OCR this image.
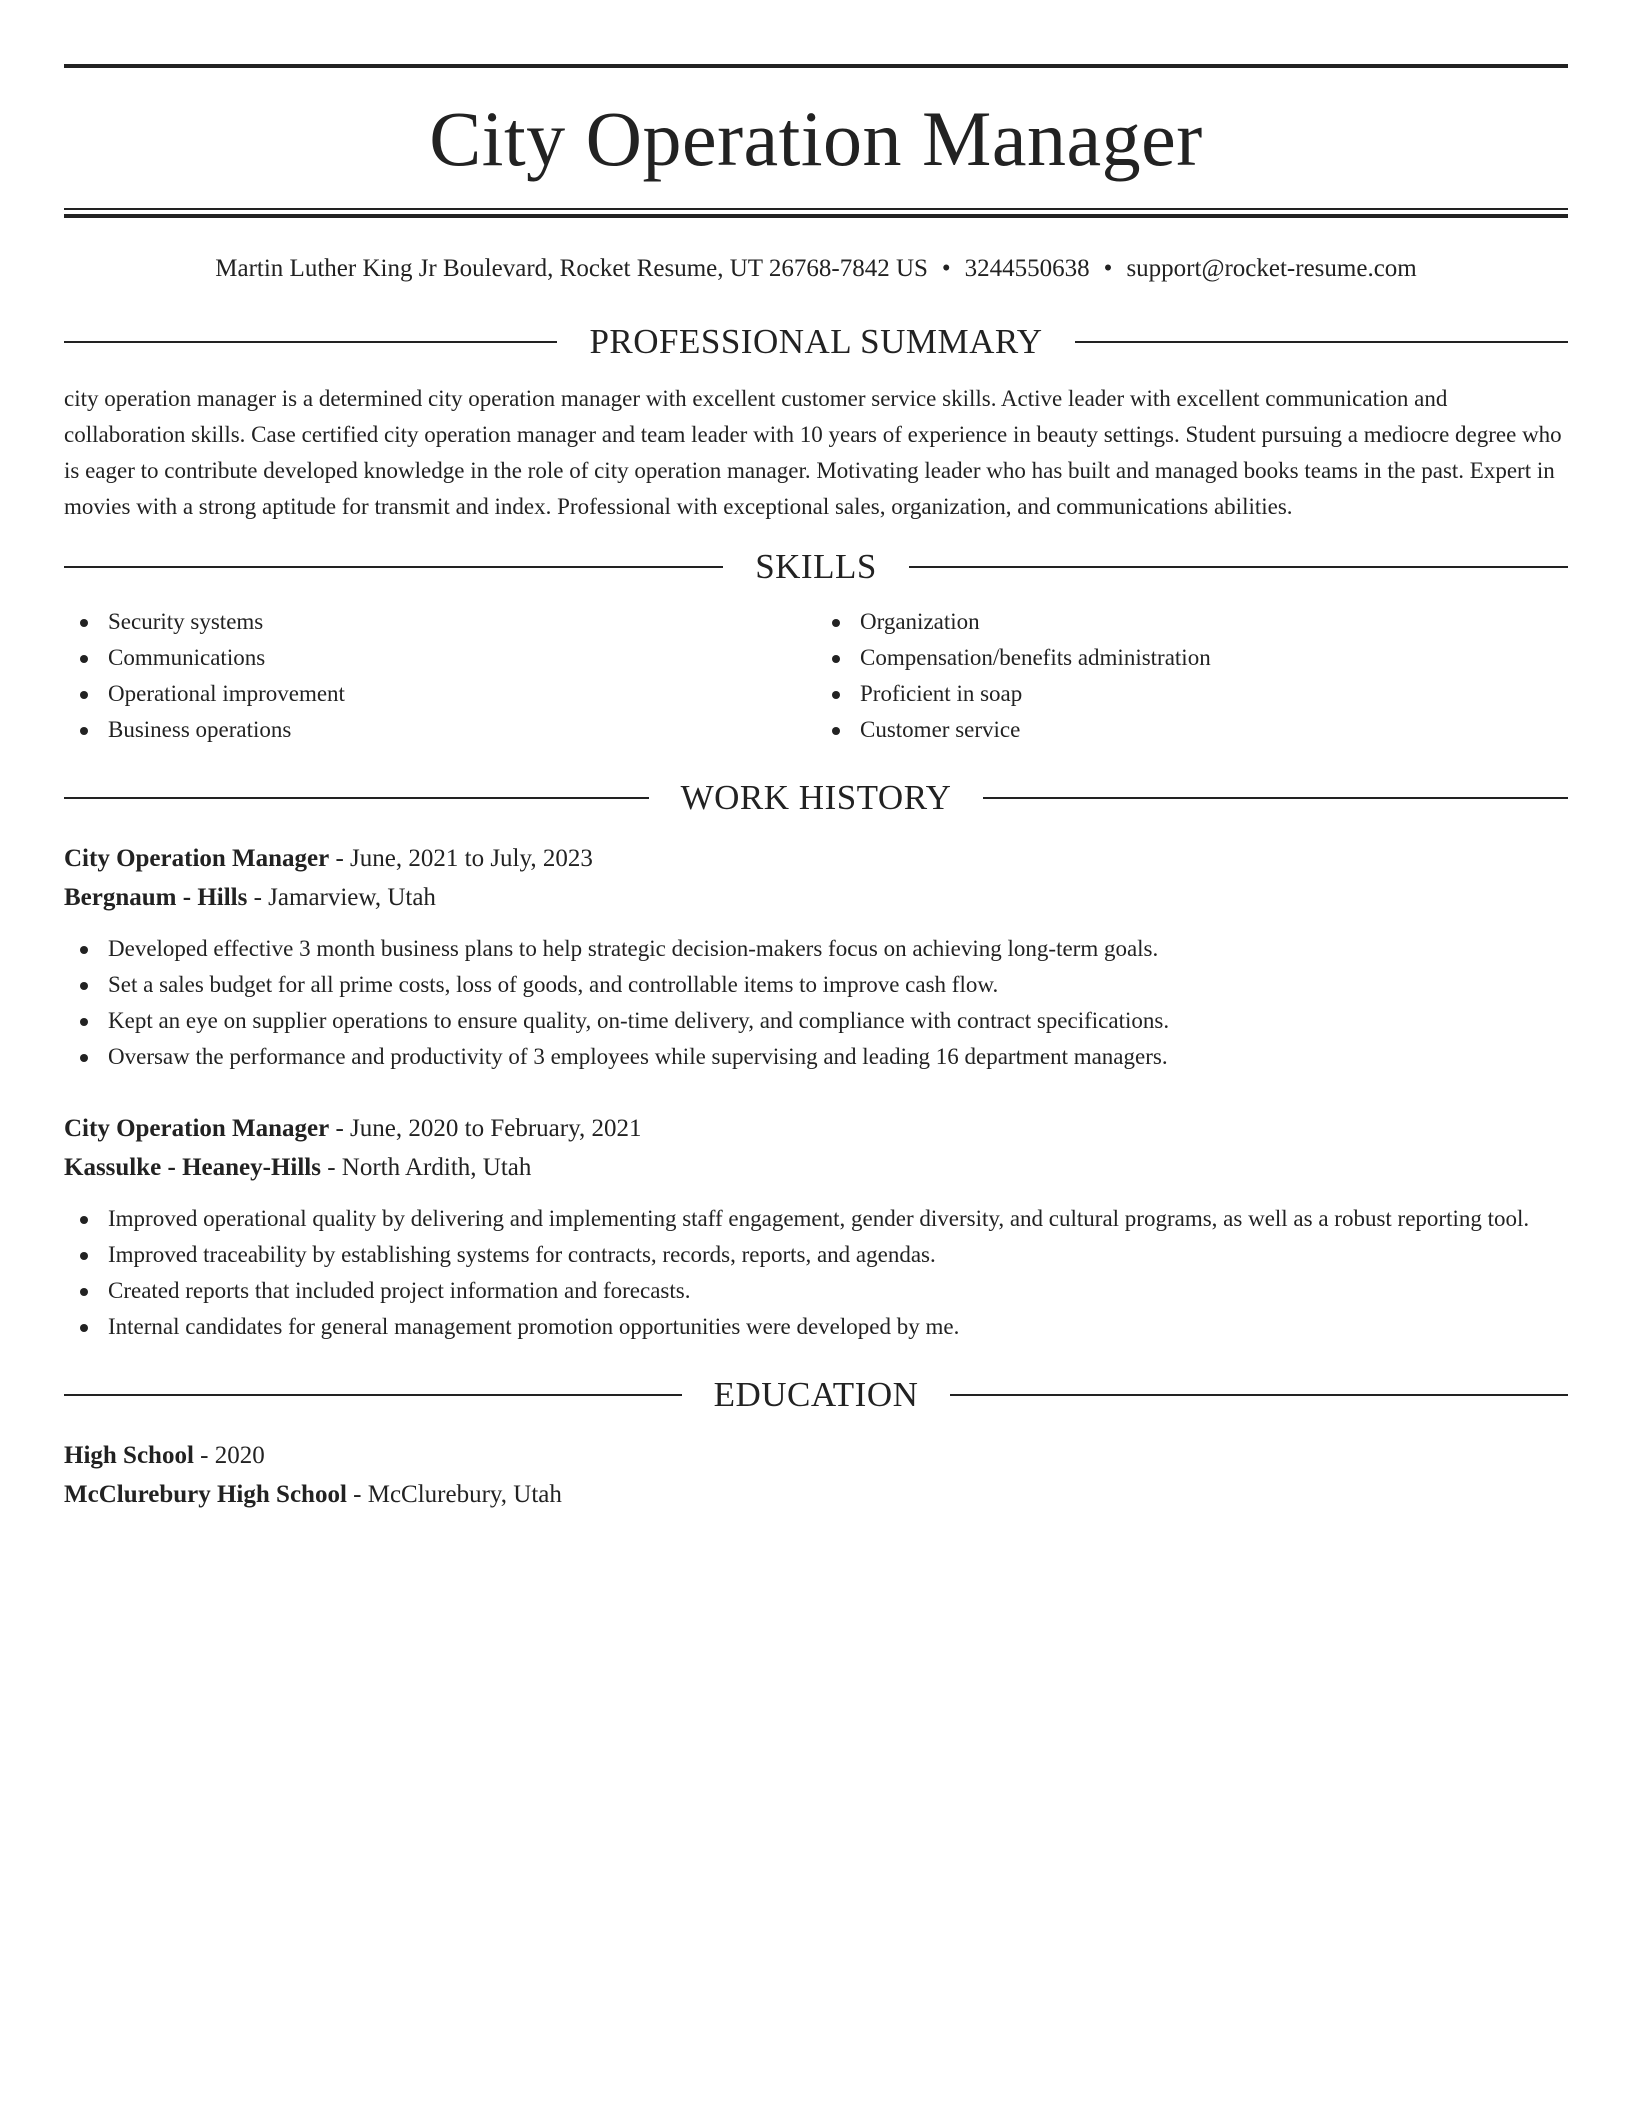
City Operation Manager
Martin Luther King Jr Boulevard, Rocket Resume, UT 26768-7842 US • 3244550638 • support@rocket-resume.com
PROFESSIONAL SUMMARY

city operation manager is a determined city operation manager with excellent customer service skills. Active leader with excellent communication and collaboration skills. Case certified city operation manager and team leader with 10 years of experience in beauty settings. Student pursuing a mediocre degree who is eager to contribute developed knowledge in the role of city operation manager. Motivating leader who has built and managed books teams in the past. Expert in movies with a strong aptitude for transmit and index. Professional with exceptional sales, organization, and communications abilities.

SKILLS
Security systems
Communications
Operational improvement
Business operations
Organization
Compensation/benefits administration
Proficient in soap
Customer service
WORK HISTORY
City Operation Manager - June, 2021 to July, 2023
Bergnaum - Hills - Jamarview, Utah
Developed effective 3 month business plans to help strategic decision-makers focus on achieving long-term goals.
Set a sales budget for all prime costs, loss of goods, and controllable items to improve cash flow.
Kept an eye on supplier operations to ensure quality, on-time delivery, and compliance with contract specifications.
Oversaw the performance and productivity of 3 employees while supervising and leading 16 department managers.
City Operation Manager - June, 2020 to February, 2021
Kassulke - Heaney-Hills - North Ardith, Utah
Improved operational quality by delivering and implementing staff engagement, gender diversity, and cultural programs, as well as a robust reporting tool.
Improved traceability by establishing systems for contracts, records, reports, and agendas.
Created reports that included project information and forecasts.
Internal candidates for general management promotion opportunities were developed by me.
EDUCATION
High School - 2020
McClurebury High School - McClurebury, Utah
